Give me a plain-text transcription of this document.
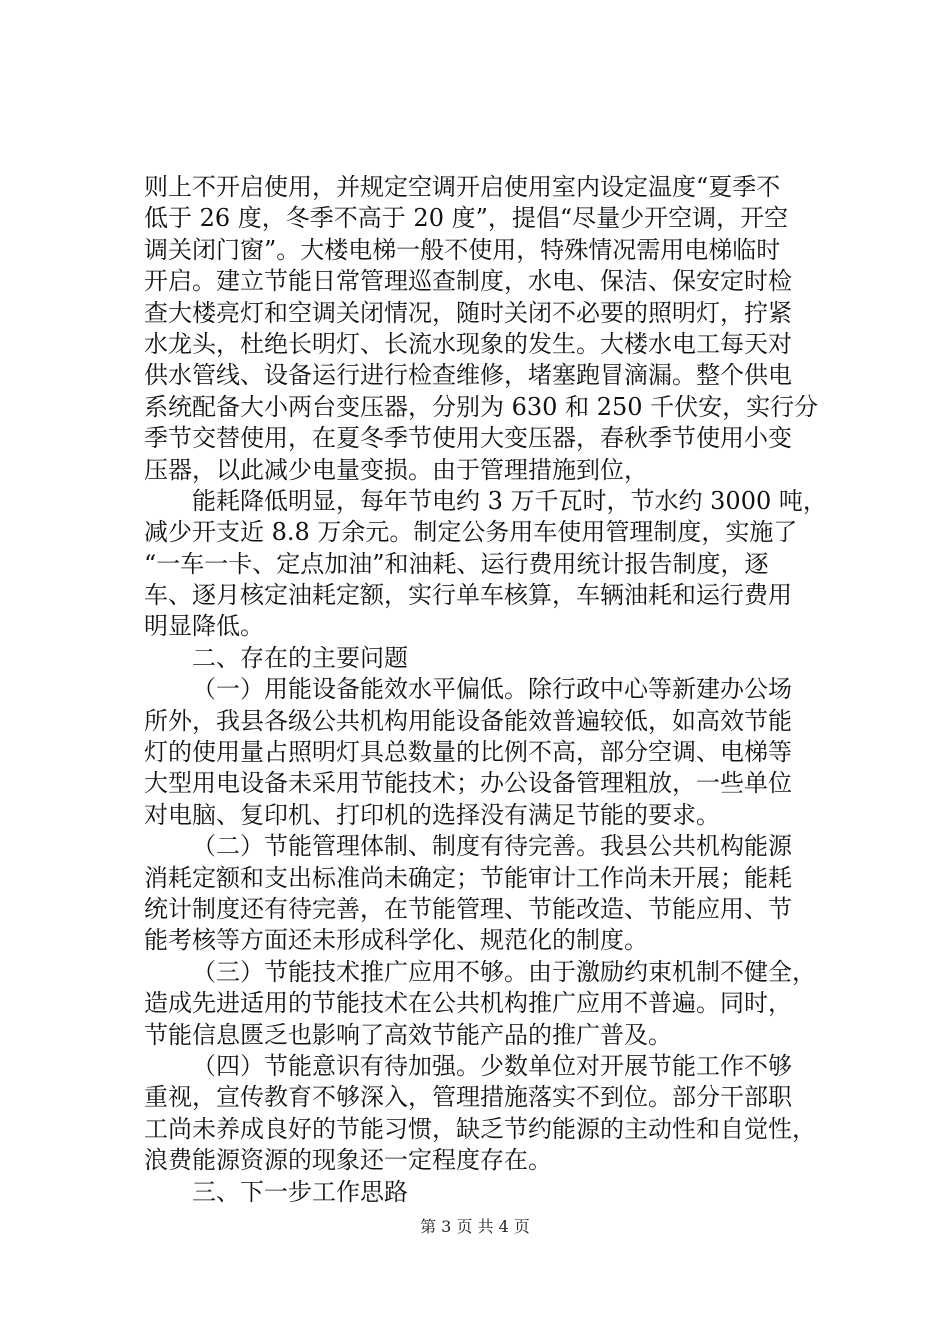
则上不开启使用，并规定空调开启使用室内设定温度“夏季不
低于 26 度，冬季不高于 20 度”，提倡“尽量少开空调，开空
调关闭门窗”。大楼电梯一般不使用，特殊情况需用电梯临时
开启。建立节能日常管理巡查制度，水电、保洁、保安定时检
查大楼亮灯和空调关闭情况，随时关闭不必要的照明灯，拧紧
水龙头，杜绝长明灯、长流水现象的发生。大楼水电工每天对
供水管线、设备运行进行检查维修，堵塞跑冒滴漏。整个供电
系统配备大小两台变压器，分别为 630 和 250 千伏安，实行分
季节交替使用，在夏冬季节使用大变压器，春秋季节使用小变
压器，以此减少电量变损。由于管理措施到位，
能耗降低明显，每年节电约 3 万千瓦时，节水约 3000 吨，
减少开支近 8.8 万余元。制定公务用车使用管理制度，实施了
“一车一卡、定点加油”和油耗、运行费用统计报告制度，逐
车、逐月核定油耗定额，实行单车核算，车辆油耗和运行费用
明显降低。
二、存在的主要问题
（一）用能设备能效水平偏低。除行政中心等新建办公场
所外，我县各级公共机构用能设备能效普遍较低，如高效节能
灯的使用量占照明灯具总数量的比例不高，部分空调、电梯等
大型用电设备未采用节能技术；办公设备管理粗放，一些单位
对电脑、复印机、打印机的选择没有满足节能的要求。
（二）节能管理体制、制度有待完善。我县公共机构能源
消耗定额和支出标准尚未确定；节能审计工作尚未开展；能耗
统计制度还有待完善，在节能管理、节能改造、节能应用、节
能考核等方面还未形成科学化、规范化的制度。
（三）节能技术推广应用不够。由于激励约束机制不健全，
造成先进适用的节能技术在公共机构推广应用不普遍。同时，
节能信息匮乏也影响了高效节能产品的推广普及。
（四）节能意识有待加强。少数单位对开展节能工作不够
重视，宣传教育不够深入，管理措施落实不到位。部分干部职
工尚未养成良好的节能习惯，缺乏节约能源的主动性和自觉性，
浪费能源资源的现象还一定程度存在。
三、下一步工作思路
第 3 页 共 4 页
